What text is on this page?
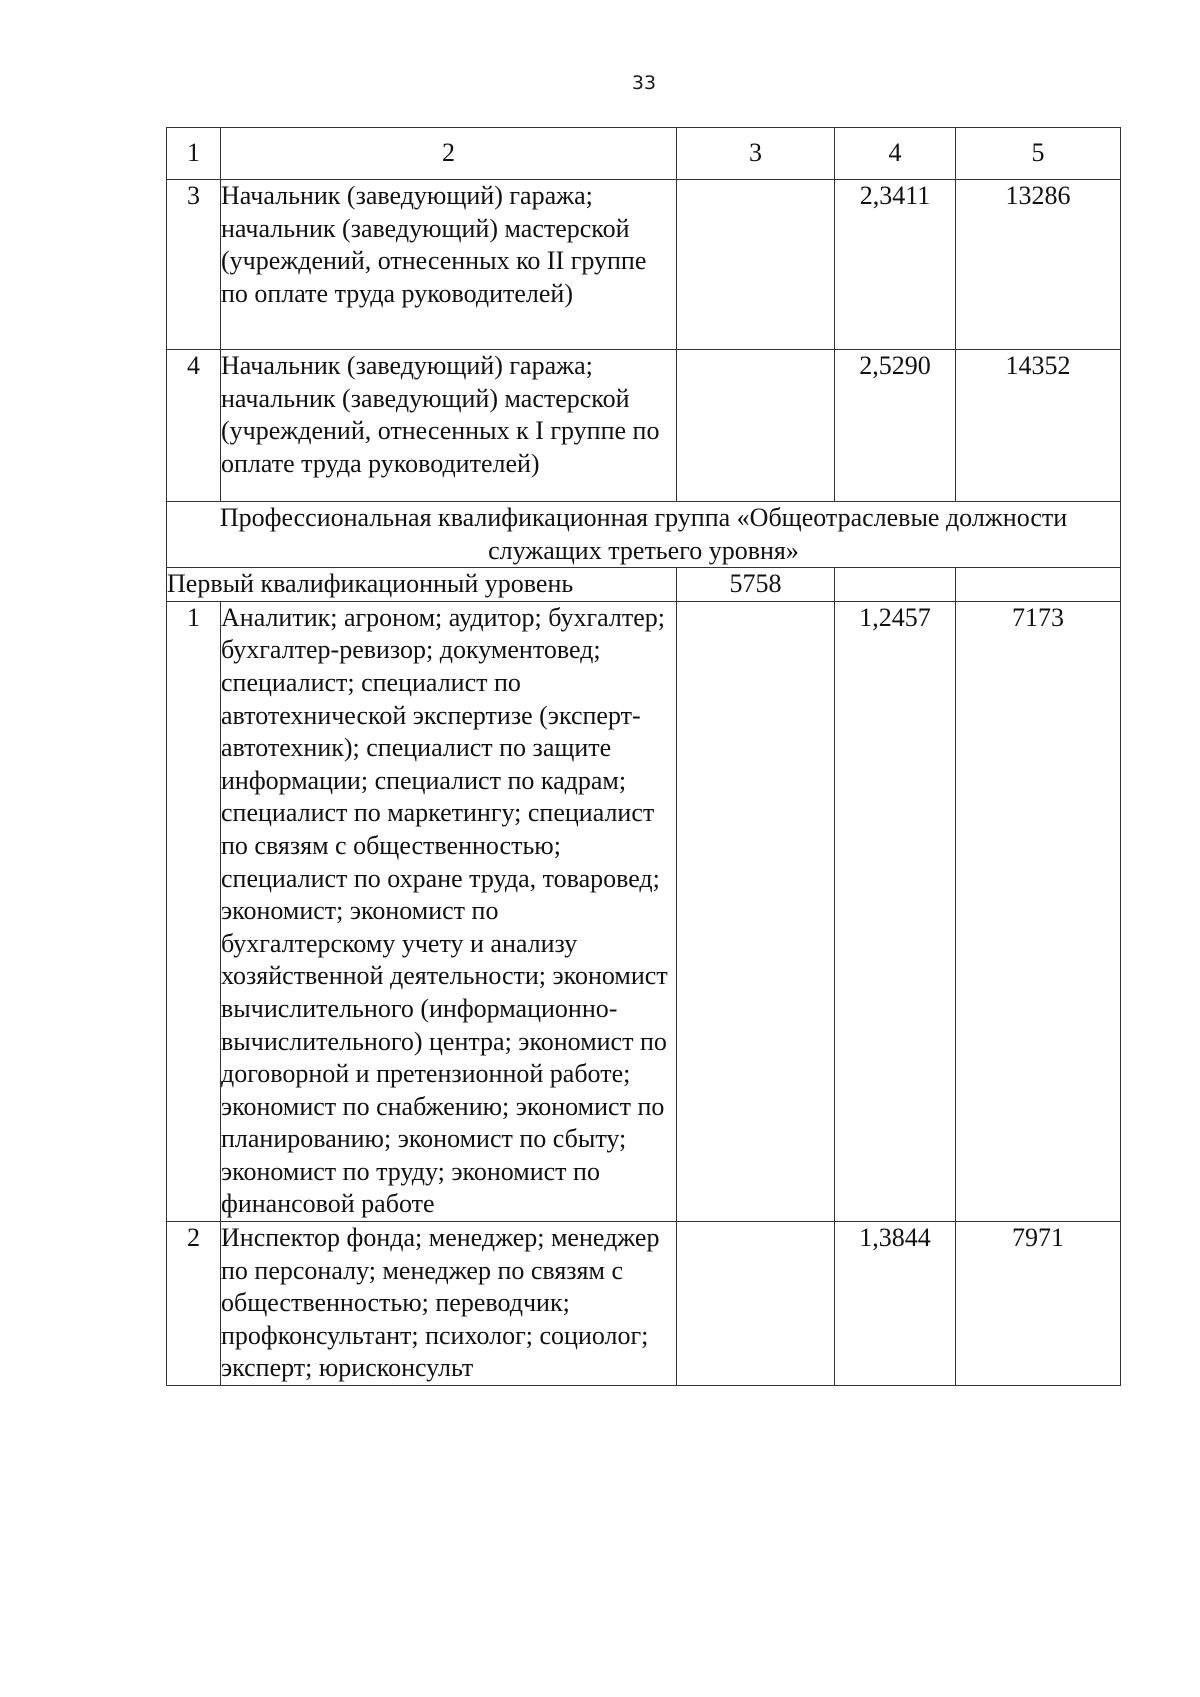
33
1	2	3	4	5
3	Начальник (заведующий) гаража; начальник (заведующий) мастерской (учреждений, отнесенных ко II группе по оплате труда руководителей)		2,3411	13286
4	Начальник (заведующий) гаража; начальник (заведующий) мастерской (учреждений, отнесенных к I группе по оплате труда руководителей)		2,5290	14352
Профессиональная квалификационная группа «Общеотраслевые должности служащих третьего уровня»				
Первый квалификационный уровень		5758		
1	Аналитик; агроном; аудитор; бухгалтер; бухгалтер-ревизор; документовед; специалист; специалист по автотехнической экспертизе (эксперт-автотехник); специалист по защите информации; специалист по кадрам; специалист по маркетингу; специалист по связям с общественностью; специалист по охране труда, товаровед; экономист; экономист по бухгалтерскому учету и анализу хозяйственной деятельности; экономист вычислительного (информационно-вычислительного) центра; экономист по договорной и претензионной работе; экономист по снабжению; экономист по планированию; экономист по сбыту; экономист по труду; экономист по финансовой работе		1,2457	7173
2	Инспектор фонда; менеджер; менеджер по персоналу; менеджер по связям с общественностью; переводчик; профконсультант; психолог; социолог; эксперт; юрисконсульт		1,3844	7971
